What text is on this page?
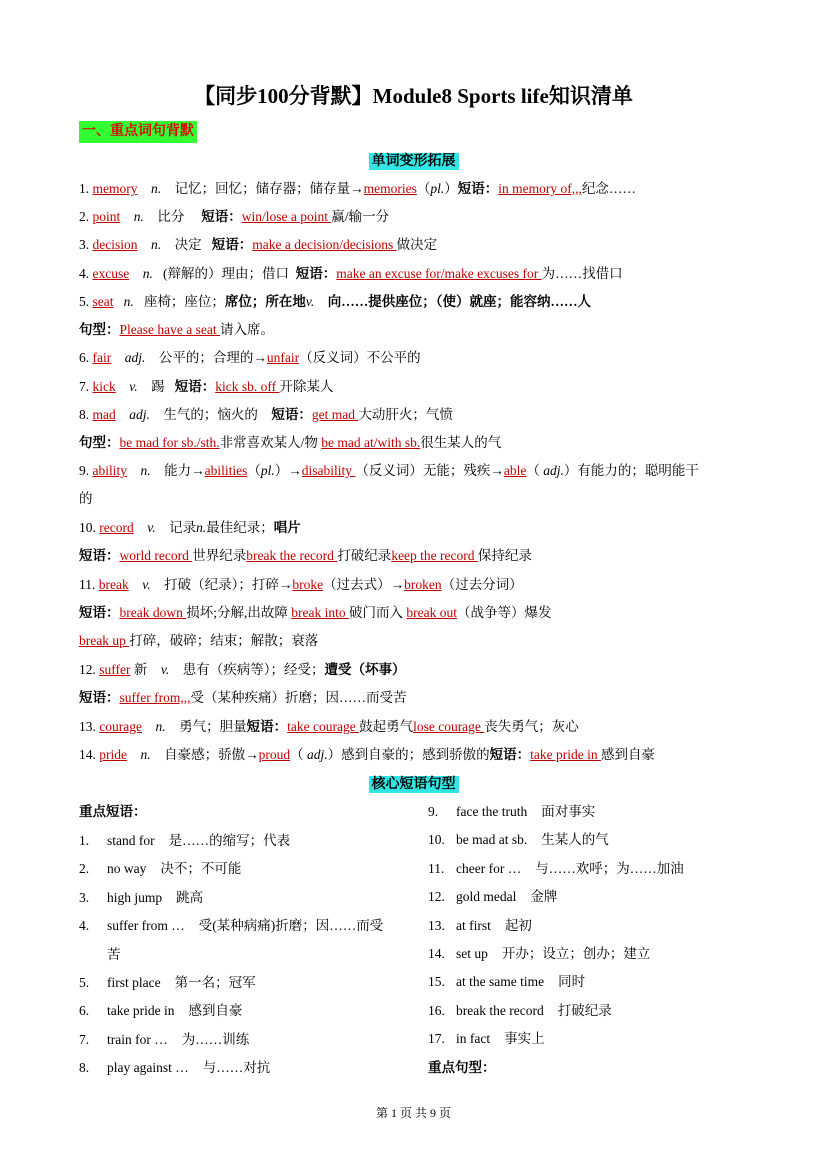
【同步100分背默】Module8 Sports life知识清单
一、重点词句背默
单词变形拓展
1. memory n. 记忆；回忆；储存器；储存量→memories（pl.）短语：in memory of,,,纪念……
2. point n. 比分 短语：win/lose a point 赢/输一分
3. decision n. 决定 短语：make a decision/decisions 做决定
4. excuse n. (辩解的）理由；借口 短语：make an excuse for/make excuses for 为……找借口
5. seat n. 座椅；座位；席位；所在地v. 向……提供座位；（使）就座；能容纳……人
句型：Please have a seat 请入席。
6. fair adj. 公平的；合理的→unfair（反义词）不公平的
7. kick v. 踢 短语：kick sb. off 开除某人
8. mad adj. 生气的；恼火的 短语：get mad 大动肝火；气愤
句型：be mad for sb./sth.非常喜欢某人/物 be mad at/with sb.很生某人的气
9. ability n. 能力→abilities（pl.）→disability （反义词）无能；残疾→able（ adj.）有能力的；聪明能干
的
10. record v. 记录n.最佳纪录；唱片
短语：world record 世界纪录break the record 打破纪录keep the record 保持纪录
11. break v. 打破（纪录）；打碎→broke（过去式）→broken（过去分词）
短语：break down 损坏;分解,出故障 break into 破门而入 break out（战争等）爆发
break up 打碎，破碎；结束；解散；衰落
12. suffer 新 v. 患有（疾病等）；经受；遭受（坏事）
短语：suffer from,,,受（某种疾痛）折磨；因……而受苦
13. courage n. 勇气；胆量短语：take courage 鼓起勇气lose courage 丧失勇气；灰心
14. pride n. 自豪感；骄傲→proud（ adj.）感到自豪的；感到骄傲的短语：take pride in 感到自豪
核心短语句型
重点短语：
1. stand for 是……的缩写；代表
2. no way 决不；不可能
3. high jump 跳高
4. suffer from … 受(某种病痛)折磨；因……而受
苦
5. first place 第一名；冠军
6. take pride in 感到自豪
7. train for … 为……训练
8. play against … 与……对抗
9. face the truth 面对事实
10. be mad at sb. 生某人的气
11. cheer for … 与……欢呼；为……加油
12. gold medal 金牌
13. at first 起初
14. set up 开办；设立；创办；建立
15. at the same time 同时
16. break the record 打破纪录
17. in fact 事实上
重点句型：
第 1 页 共 9 页
